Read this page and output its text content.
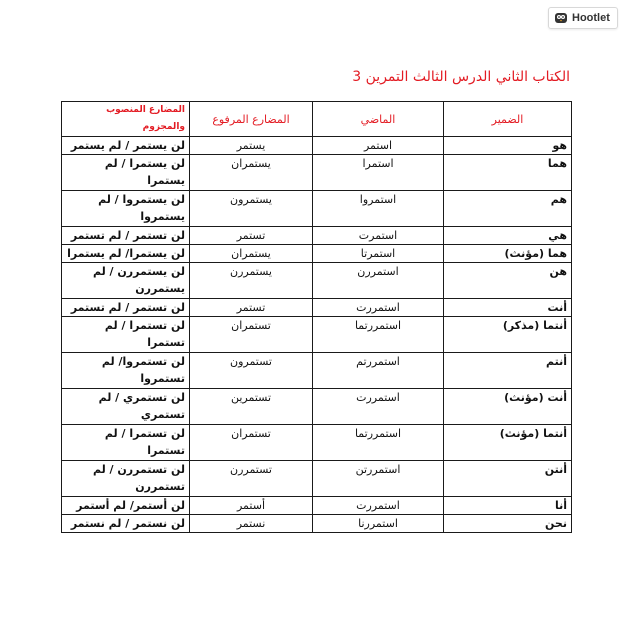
Hootlet
الكتاب الثاني الدرس الثالث التمرين 3
الضمير	الماضي	المضارع المرفوع	المضارع المنصوب والمجزوم
هو	استمر	يستمر	لن يستمر / لم يستمر
هما	استمرا	يستمران	لن يستمرا / لم يستمرا
هم	استمروا	يستمرون	لن يستمروا / لم يستمروا
هي	استمرت	تستمر	لن تستمر / لم تستمر
هما (مؤنث)	استمرتا	يستمران	لن يستمرا/ لم يستمرا
هن	استمررن	يستمررن	لن يستمررن / لم يستمررن
أنت	استمررت	تستمر	لن تستمر / لم تستمر
أنتما (مذكر)	استمررتما	تستمران	لن تستمرا / لم تستمرا
أنتم	استمررتم	تستمرون	لن تستمروا/ لم تستمروا
أنت (مؤنث)	استمررت	تستمرين	لن تستمري / لم تستمري
أنتما (مؤنث)	استمررتما	تستمران	لن تستمرا / لم تستمرا
أنتن	استمررتن	تستمررن	لن تستمررن / لم تستمررن
أنا	استمررت	أستمر	لن أستمر/ لم أستمر
نحن	استمررنا	نستمر	لن نستمر / لم نستمر
